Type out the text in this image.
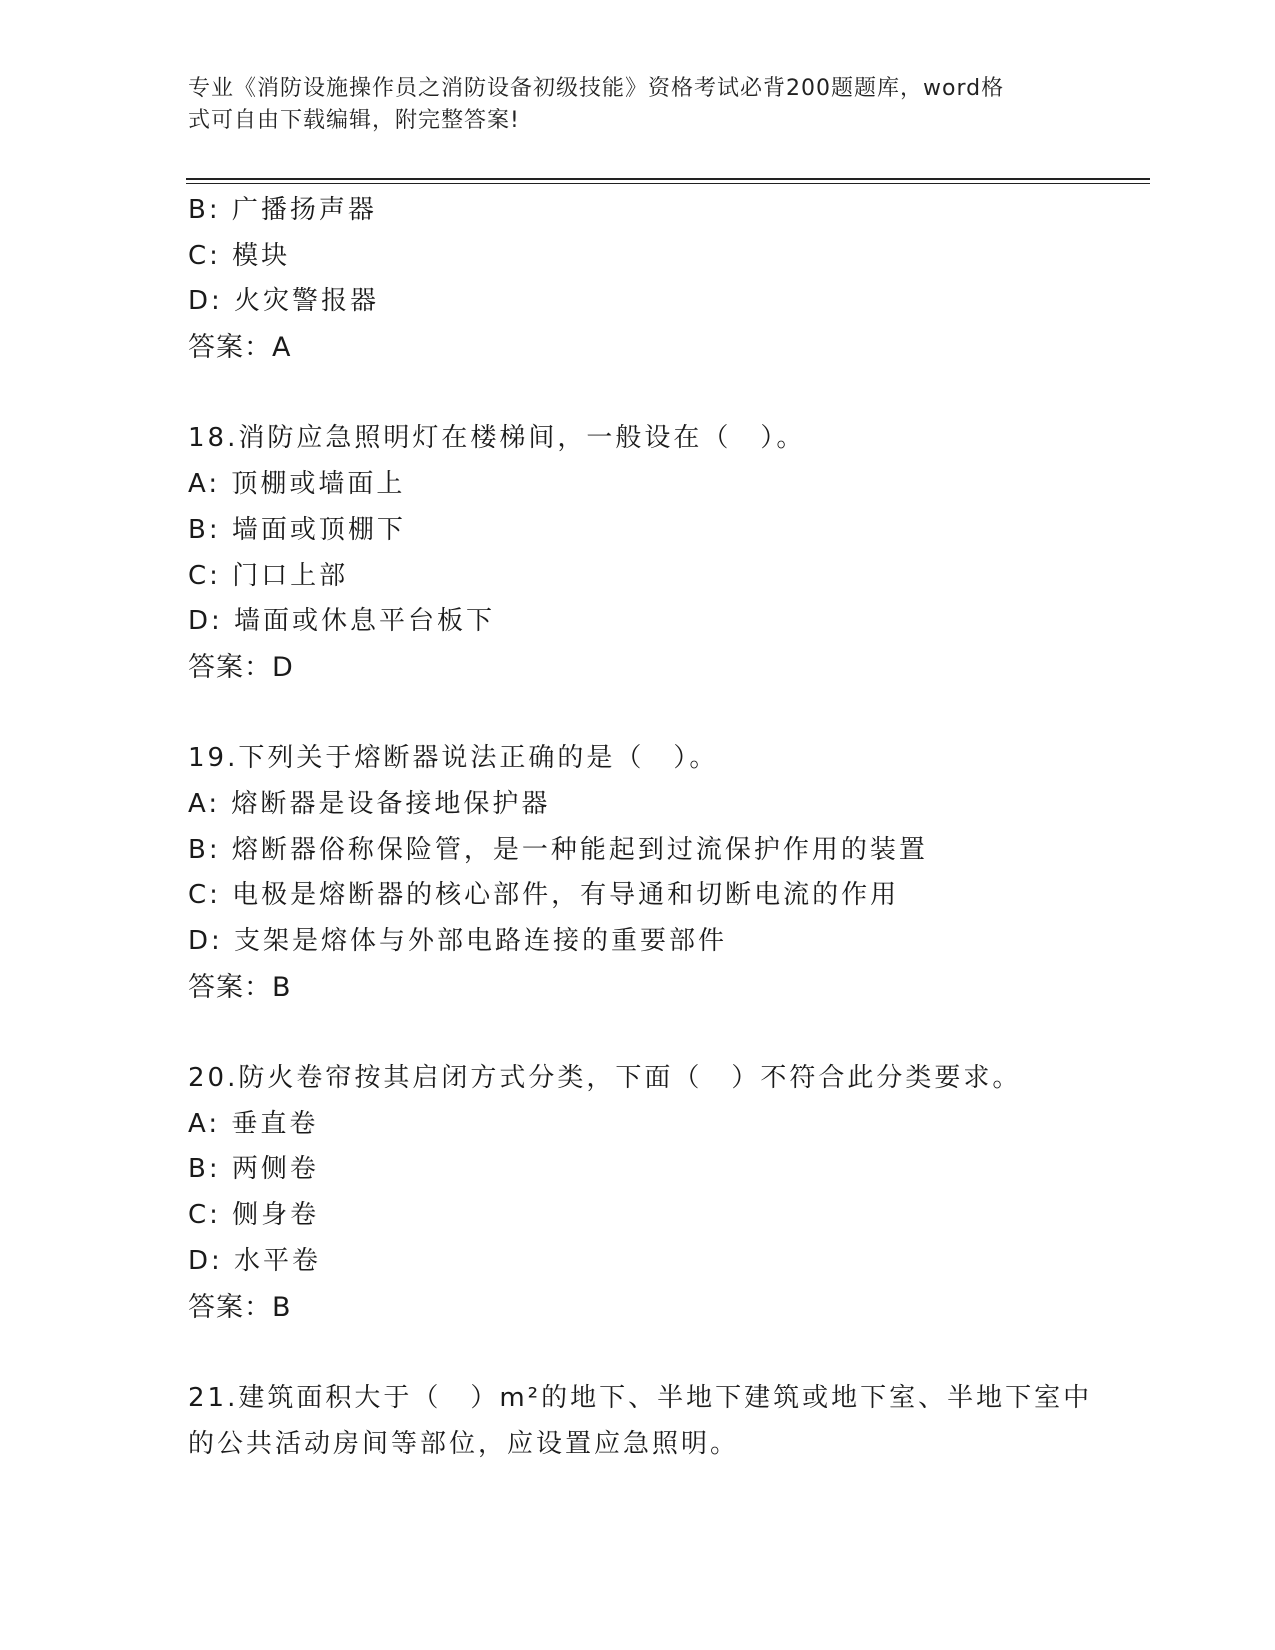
专业《消防设施操作员之消防设备初级技能》资格考试必背200题题库，word格
式可自由下载编辑，附完整答案!
B: 广播扬声器
C: 模块
D: 火灾警报器
答案：A
18.消防应急照明灯在楼梯间，一般设在（　）。
A: 顶棚或墙面上
B: 墙面或顶棚下
C: 门口上部
D: 墙面或休息平台板下
答案：D
19.下列关于熔断器说法正确的是（　）。
A: 熔断器是设备接地保护器
B: 熔断器俗称保险管，是一种能起到过流保护作用的装置
C: 电极是熔断器的核心部件，有导通和切断电流的作用
D: 支架是熔体与外部电路连接的重要部件
答案：B
20.防火卷帘按其启闭方式分类，下面（　）不符合此分类要求。
A: 垂直卷
B: 两侧卷
C: 侧身卷
D: 水平卷
答案：B
21.建筑面积大于（　）m²的地下、半地下建筑或地下室、半地下室中
的公共活动房间等部位，应设置应急照明。
